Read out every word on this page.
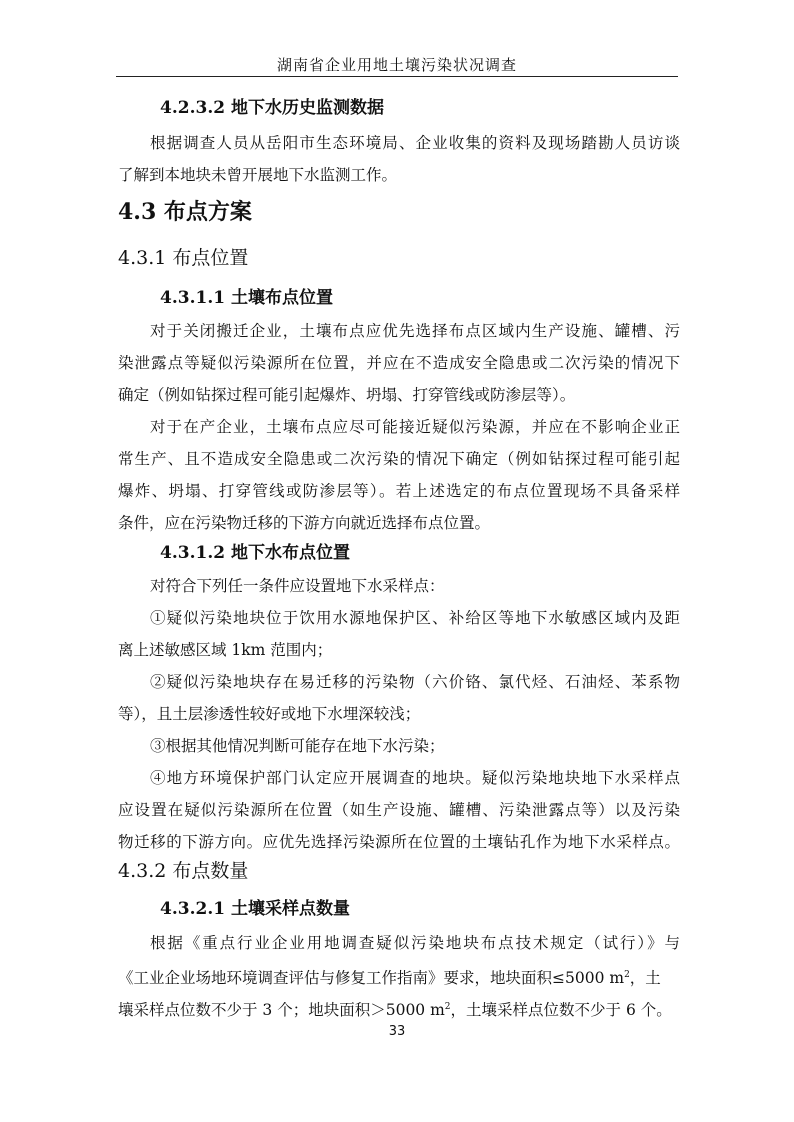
湖南省企业用地土壤污染状况调查
4.2.3.2 地下水历史监测数据
根据调查人员从岳阳市生态环境局、企业收集的资料及现场踏勘人员访谈
了解到本地块未曾开展地下水监测工作。
4.3 布点方案
4.3.1 布点位置
4.3.1.1 土壤布点位置
对于关闭搬迁企业，土壤布点应优先选择布点区域内生产设施、罐槽、污
染泄露点等疑似污染源所在位置，并应在不造成安全隐患或二次污染的情况下
确定（例如钻探过程可能引起爆炸、坍塌、打穿管线或防渗层等）。
对于在产企业，土壤布点应尽可能接近疑似污染源，并应在不影响企业正
常生产、且不造成安全隐患或二次污染的情况下确定（例如钻探过程可能引起
爆炸、坍塌、打穿管线或防渗层等）。若上述选定的布点位置现场不具备采样
条件，应在污染物迁移的下游方向就近选择布点位置。
4.3.1.2 地下水布点位置
对符合下列任一条件应设置地下水采样点：
①疑似污染地块位于饮用水源地保护区、补给区等地下水敏感区域内及距
离上述敏感区域 1km 范围内；
②疑似污染地块存在易迁移的污染物（六价铬、氯代烃、石油烃、苯系物
等），且土层渗透性较好或地下水埋深较浅；
③根据其他情况判断可能存在地下水污染；
④地方环境保护部门认定应开展调查的地块。疑似污染地块地下水采样点
应设置在疑似污染源所在位置（如生产设施、罐槽、污染泄露点等）以及污染
物迁移的下游方向。应优先选择污染源所在位置的土壤钻孔作为地下水采样点。
4.3.2 布点数量
4.3.2.1 土壤采样点数量
根据《重点行业企业用地调查疑似污染地块布点技术规定（试行）》与
《工业企业场地环境调查评估与修复工作指南》要求，地块面积≤5000 $m^2$，土
壤采样点位数不少于 3 个；地块面积＞5000 $m^2$，土壤采样点位数不少于 6 个。
33
